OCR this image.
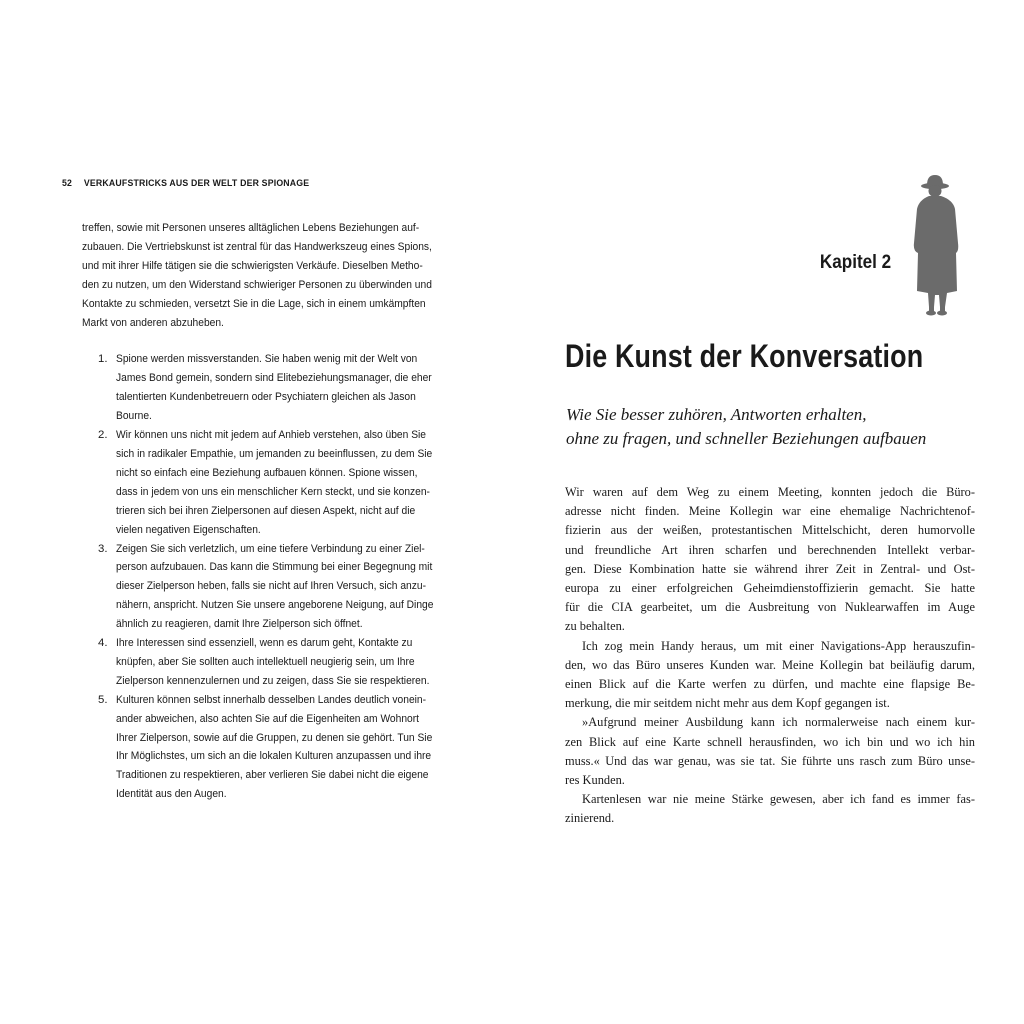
52 VERKAUFSTRICKS AUS DER WELT DER SPIONAGE

treffen, sowie mit Personen unseres alltäglichen Lebens Beziehungen auf-
zubauen. Die Vertriebskunst ist zentral für das Handwerkszeug eines Spions,
und mit ihrer Hilfe tätigen sie die schwierigsten Verkäufe. Dieselben Metho-
den zu nutzen, um den Widerstand schwieriger Personen zu überwinden und
Kontakte zu schmieden, versetzt Sie in die Lage, sich in einem umkämpften
Markt von anderen abzuheben.

1. Spione werden missverstanden. Sie haben wenig mit der Welt von
James Bond gemein, sondern sind Elitebeziehungsmanager, die eher
talentierten Kundenbetreuern oder Psychiatern gleichen als Jason
Bourne.
2. Wir können uns nicht mit jedem auf Anhieb verstehen, also üben Sie
sich in radikaler Empathie, um jemanden zu beeinflussen, zu dem Sie
nicht so einfach eine Beziehung aufbauen können. Spione wissen,
dass in jedem von uns ein menschlicher Kern steckt, und sie konzen-
trieren sich bei ihren Zielpersonen auf diesen Aspekt, nicht auf die
vielen negativen Eigenschaften.
3. Zeigen Sie sich verletzlich, um eine tiefere Verbindung zu einer Ziel-
person aufzubauen. Das kann die Stimmung bei einer Begegnung mit
dieser Zielperson heben, falls sie nicht auf Ihren Versuch, sich anzu-
nähern, anspricht. Nutzen Sie unsere angeborene Neigung, auf Dinge
ähnlich zu reagieren, damit Ihre Zielperson sich öffnet.
4. Ihre Interessen sind essenziell, wenn es darum geht, Kontakte zu
knüpfen, aber Sie sollten auch intellektuell neugierig sein, um Ihre
Zielperson kennenzulernen und zu zeigen, dass Sie sie respektieren.
5. Kulturen können selbst innerhalb desselben Landes deutlich vonein-
ander abweichen, also achten Sie auf die Eigenheiten am Wohnort
Ihrer Zielperson, sowie auf die Gruppen, zu denen sie gehört. Tun Sie
Ihr Möglichstes, um sich an die lokalen Kulturen anzupassen und ihre
Traditionen zu respektieren, aber verlieren Sie dabei nicht die eigene
Identität aus den Augen.
Kapitel 2
Die Kunst der Konversation
Wie Sie besser zuhören, Antworten erhalten,
ohne zu fragen, und schneller Beziehungen aufbauen
Wir waren auf dem Weg zu einem Meeting, konnten jedoch die Büro-
adresse nicht finden. Meine Kollegin war eine ehemalige Nachrichtenof-
fizierin aus der weißen, protestantischen Mittelschicht, deren humorvolle
und freundliche Art ihren scharfen und berechnenden Intellekt verbar-
gen. Diese Kombination hatte sie während ihrer Zeit in Zentral- und Ost-
europa zu einer erfolgreichen Geheimdienstoffizierin gemacht. Sie hatte
für die CIA gearbeitet, um die Ausbreitung von Nuklearwaffen im Auge
zu behalten.
Ich zog mein Handy heraus, um mit einer Navigations-App herauszufin-
den, wo das Büro unseres Kunden war. Meine Kollegin bat beiläufig darum,
einen Blick auf die Karte werfen zu dürfen, und machte eine flapsige Be-
merkung, die mir seitdem nicht mehr aus dem Kopf gegangen ist.
»Aufgrund meiner Ausbildung kann ich normalerweise nach einem kur-
zen Blick auf eine Karte schnell herausfinden, wo ich bin und wo ich hin
muss.« Und das war genau, was sie tat. Sie führte uns rasch zum Büro unse-
res Kunden.
Kartenlesen war nie meine Stärke gewesen, aber ich fand es immer fas-
zinierend.
